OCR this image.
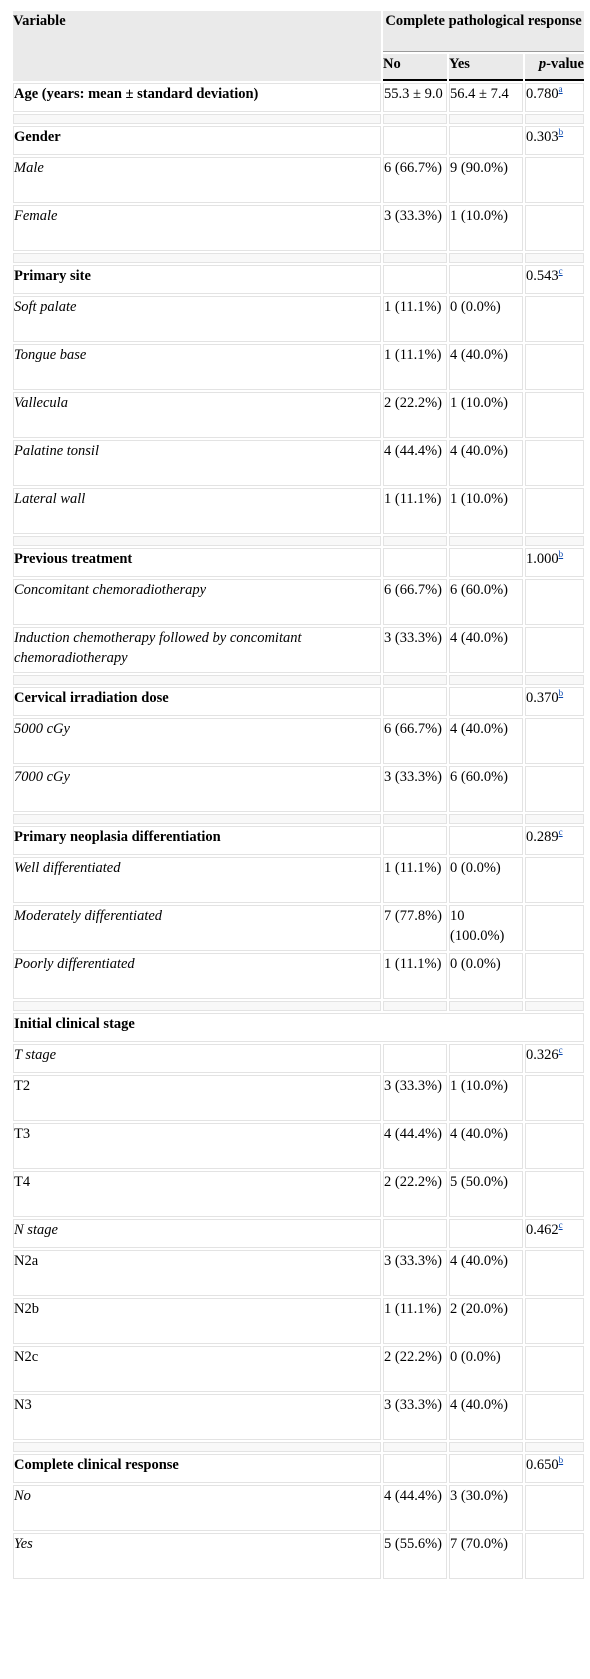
Variable	Complete pathological response		
	No	Yes	p-value
Age (years: mean ± standard deviation)	55.3 ± 9.0	56.4 ± 7.4	0.780$^a$

Gender			0.303$^b$
Male	6 (66.7%)	9 (90.0%)	
Female	3 (33.3%)	1 (10.0%)	

Primary site			0.543$^c$
Soft palate	1 (11.1%)	0 (0.0%)	
Tongue base	1 (11.1%)	4 (40.0%)	
Vallecula	2 (22.2%)	1 (10.0%)	
Palatine tonsil	4 (44.4%)	4 (40.0%)	
Lateral wall	1 (11.1%)	1 (10.0%)	

Previous treatment			1.000$^b$
Concomitant chemoradiotherapy	6 (66.7%)	6 (60.0%)	
Induction chemotherapy followed by concomitant chemoradiotherapy	3 (33.3%)	4 (40.0%)	

Cervical irradiation dose			0.370$^b$
5000 cGy	6 (66.7%)	4 (40.0%)	
7000 cGy	3 (33.3%)	6 (60.0%)	

Primary neoplasia differentiation			0.289$^c$
Well differentiated	1 (11.1%)	0 (0.0%)	
Moderately differentiated	7 (77.8%)	10 (100.0%)	
Poorly differentiated	1 (11.1%)	0 (0.0%)	

Initial clinical stage			
T stage			0.326$^c$
T2	3 (33.3%)	1 (10.0%)	
T3	4 (44.4%)	4 (40.0%)	
T4	2 (22.2%)	5 (50.0%)	
N stage			0.462$^c$
N2a	3 (33.3%)	4 (40.0%)	
N2b	1 (11.1%)	2 (20.0%)	
N2c	2 (22.2%)	0 (0.0%)	
N3	3 (33.3%)	4 (40.0%)	

Complete clinical response			0.650$^b$
No	4 (44.4%)	3 (30.0%)	
Yes	5 (55.6%)	7 (70.0%)	
